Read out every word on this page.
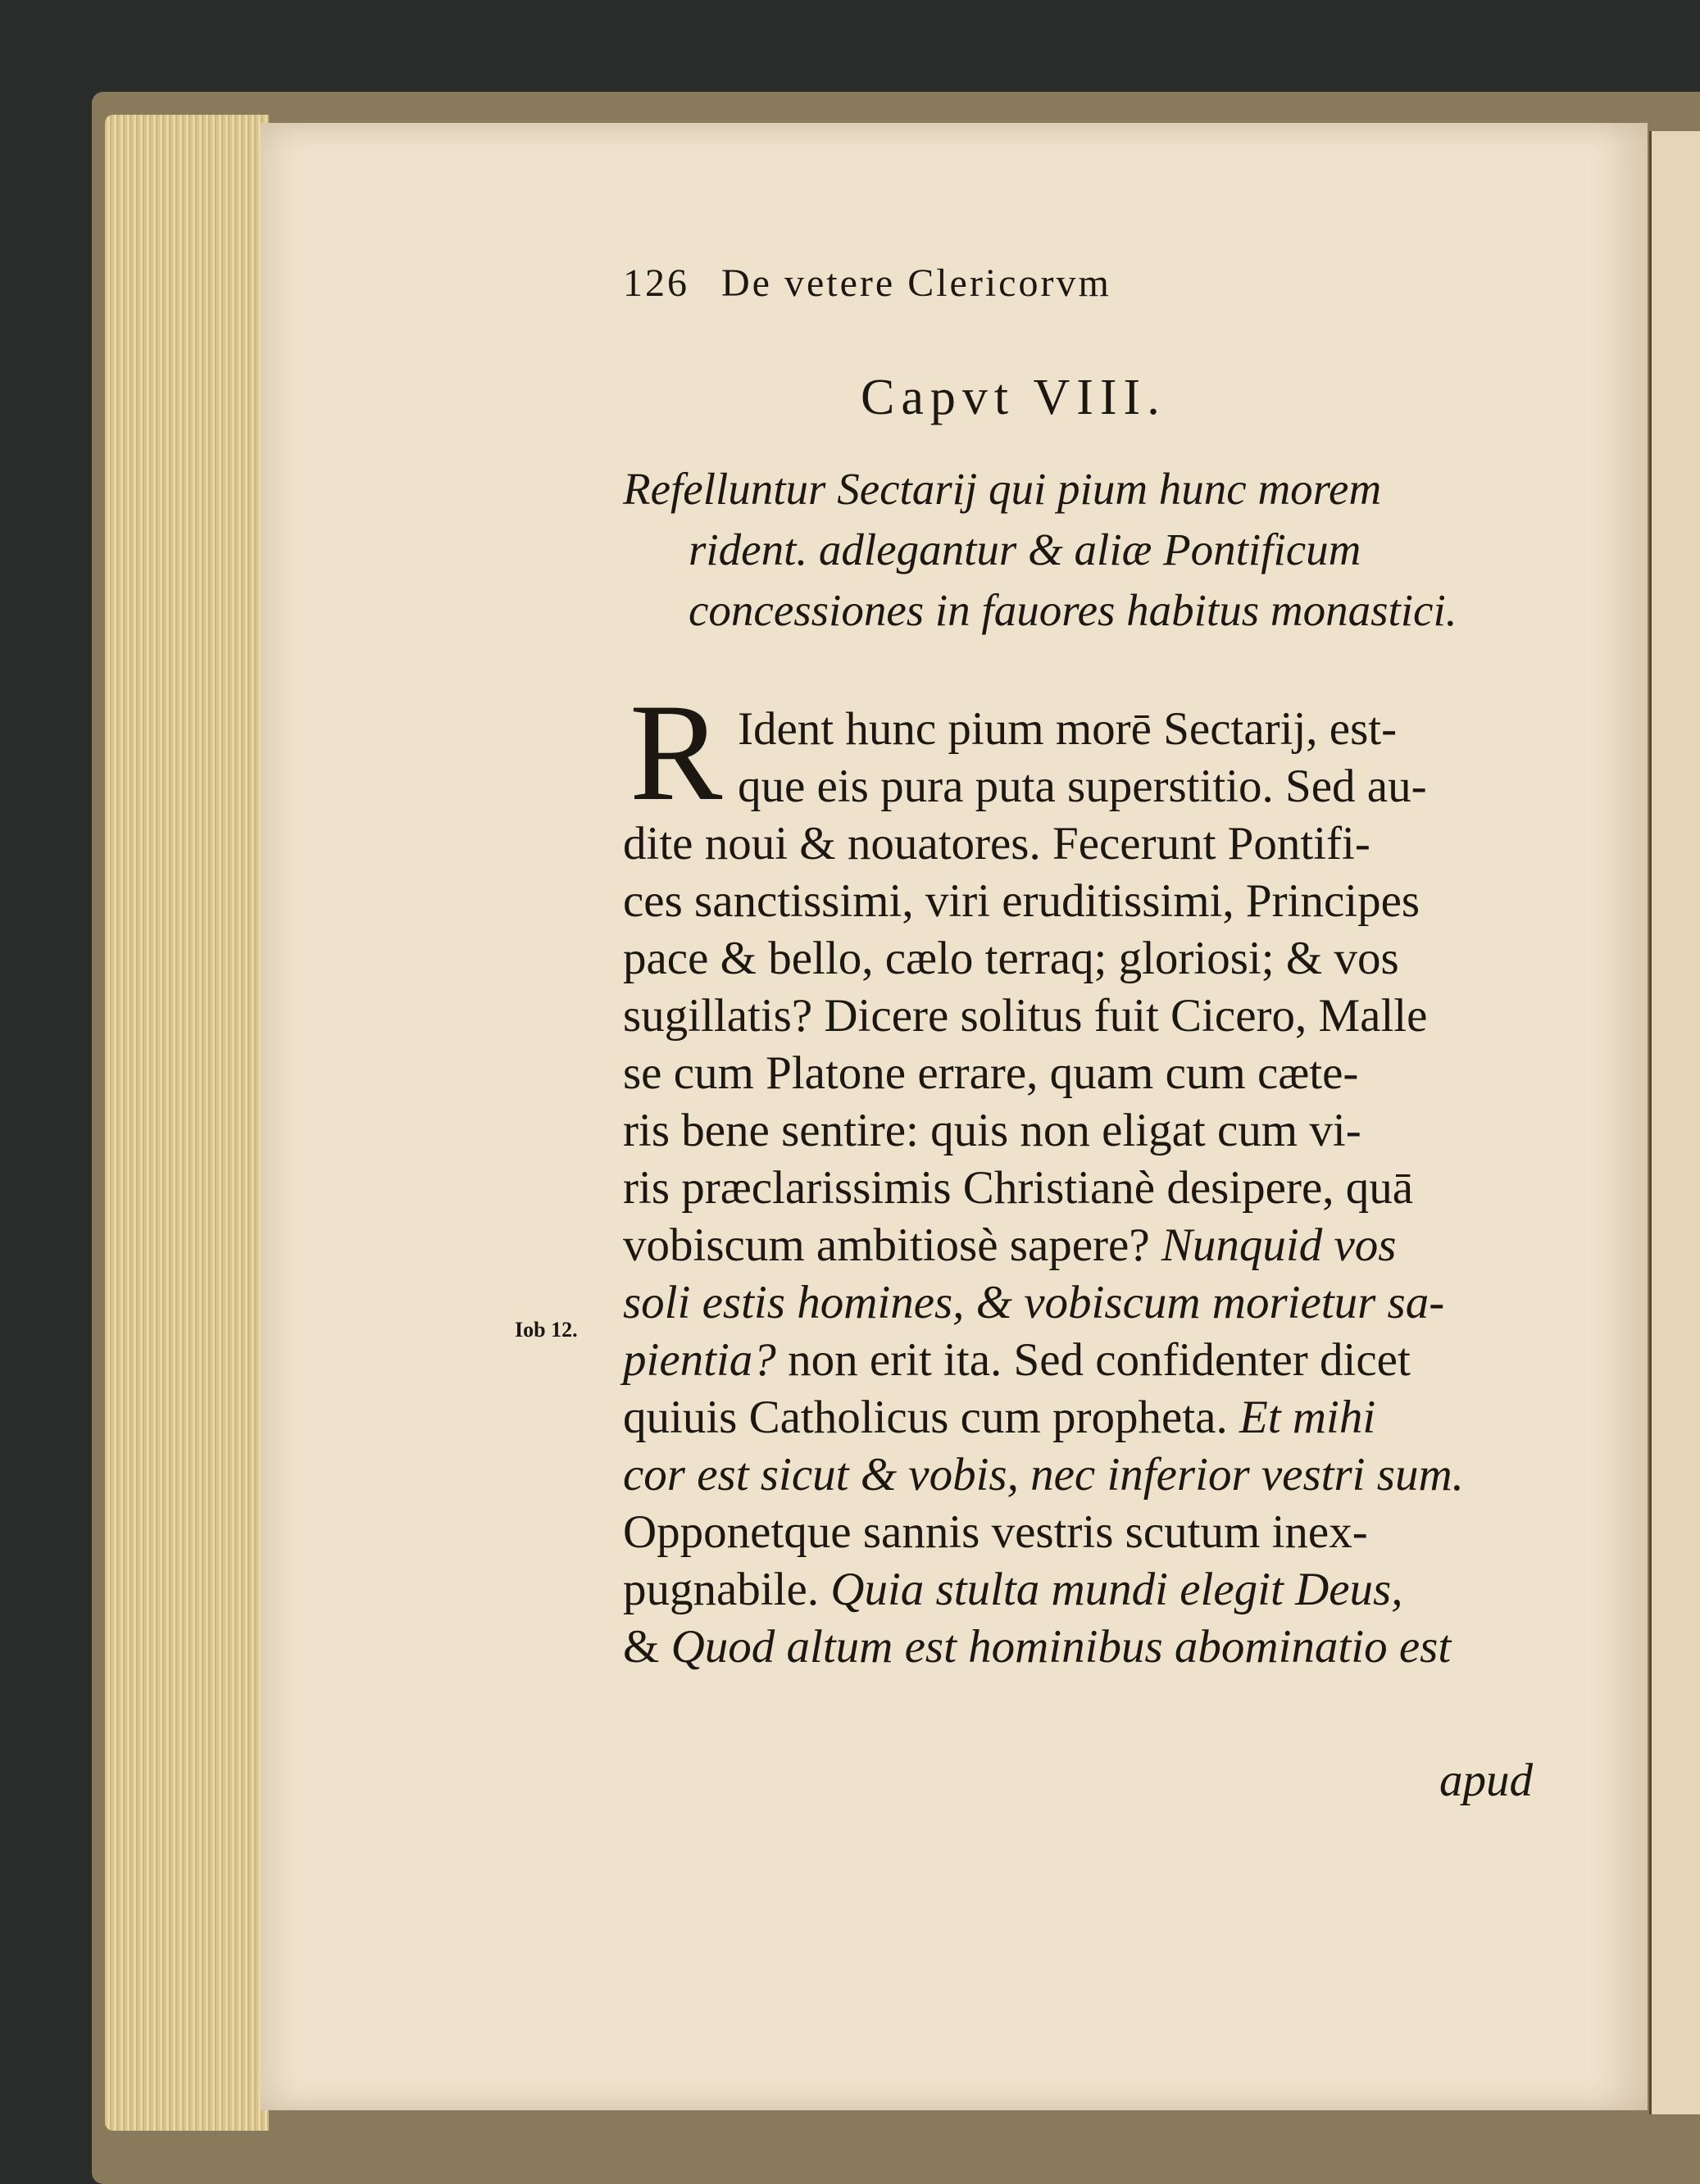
126 De vetere Clericorvm
Capvt VIII.
Refelluntur Sectarij qui pium hunc morem
rident. adlegantur & aliæ Pontificum
concessiones in fauores habitus monastici.
R Ident hunc pium morē Sectarij, est-
que eis pura puta superstitio. Sed au-
dite noui & nouatores. Fecerunt Pontifi-
ces sanctissimi, viri eruditissimi, Principes
pace & bello, cælo terraq; gloriosi; & vos
sugillatis? Dicere solitus fuit Cicero, Malle
se cum Platone errare, quam cum cæte-
ris bene sentire: quis non eligat cum vi-
ris præclarissimis Christianè desipere, quā
vobiscum ambitiosè sapere? Nunquid vos
soli estis homines, & vobiscum morietur sa-
pientia? non erit ita. Sed confidenter dicet
quiuis Catholicus cum propheta. Et mihi
cor est sicut & vobis, nec inferior vestri sum.
Opponetque sannis vestris scutum inex-
pugnabile. Quia stulta mundi elegit Deus,
& Quod altum est hominibus abominatio est
Iob 12.
apud
